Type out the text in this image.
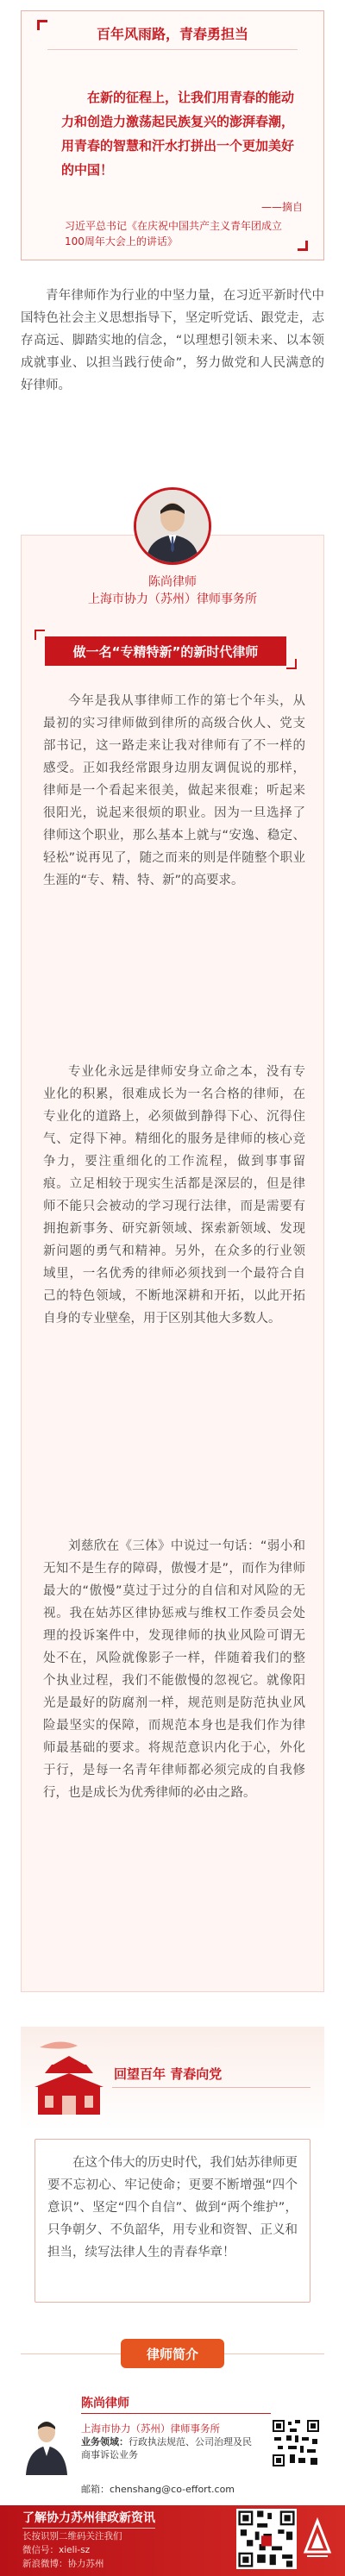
百年风雨路，青春勇担当
在新的征程上，让我们用青春的能动力和创造力激荡起民族复兴的澎湃春潮，用青春的智慧和汗水打拼出一个更加美好的中国！
——摘自
习近平总书记《在庆祝中国共产主义青年团成立100周年大会上的讲话》
青年律师作为行业的中坚力量，在习近平新时代中国特色社会主义思想指导下，坚定听党话、跟党走，志存高远、脚踏实地的信念，“以理想引领未来、以本领成就事业、以担当践行使命”，努力做党和人民满意的好律师。
陈尚律师
上海市协力（苏州）律师事务所
做一名“专精特新”的新时代律师
今年是我从事律师工作的第七个年头，从最初的实习律师做到律所的高级合伙人、党支部书记，这一路走来让我对律师有了不一样的感受。正如我经常跟身边朋友调侃说的那样，律师是一个看起来很美，做起来很难；听起来很阳光，说起来很烦的职业。因为一旦选择了律师这个职业，那么基本上就与“安逸、稳定、轻松”说再见了，随之而来的则是伴随整个职业生涯的“专、精、特、新”的高要求。
专业化永远是律师安身立命之本，没有专业化的积累，很难成长为一名合格的律师，在专业化的道路上，必须做到静得下心、沉得住气、定得下神。精细化的服务是律师的核心竞争力，要注重细化的工作流程，做到事事留痕。立足相较于现实生活都是深层的，但是律师不能只会被动的学习现行法律，而是需要有拥抱新事务、研究新领域、探索新领域、发现新问题的勇气和精神。另外，在众多的行业领域里，一名优秀的律师必须找到一个最符合自己的特色领域，不断地深耕和开拓，以此开拓自身的专业壁垒，用于区别其他大多数人。
刘慈欣在《三体》中说过一句话：“弱小和无知不是生存的障碍，傲慢才是”，而作为律师最大的“傲慢”莫过于过分的自信和对风险的无视。我在姑苏区律协惩戒与维权工作委员会处理的投诉案件中，发现律师的执业风险可谓无处不在，风险就像影子一样，伴随着我们的整个执业过程，我们不能傲慢的忽视它。就像阳光是最好的防腐剂一样，规范则是防范执业风险最坚实的保障，而规范本身也是我们作为律师最基础的要求。将规范意识内化于心，外化于行，是每一名青年律师都必须完成的自我修行，也是成长为优秀律师的必由之路。
回望百年 青春向党
在这个伟大的历史时代，我们姑苏律师更要不忘初心、牢记使命；更要不断增强“四个意识”、坚定“四个自信”、做到“两个维护”，只争朝夕、不负韶华，用专业和资智、正义和担当，续写法律人生的青春华章！
律师简介
陈尚律师
上海市协力（苏州）律师事务所
业务领域：行政执法规范、公司治理及民商事诉讼业务
邮箱：chenshang@co-effort.com
了解协力苏州律政新资讯
长按识别二维码关注我们
微信号：xieli-sz
新浪微博：协力苏州
